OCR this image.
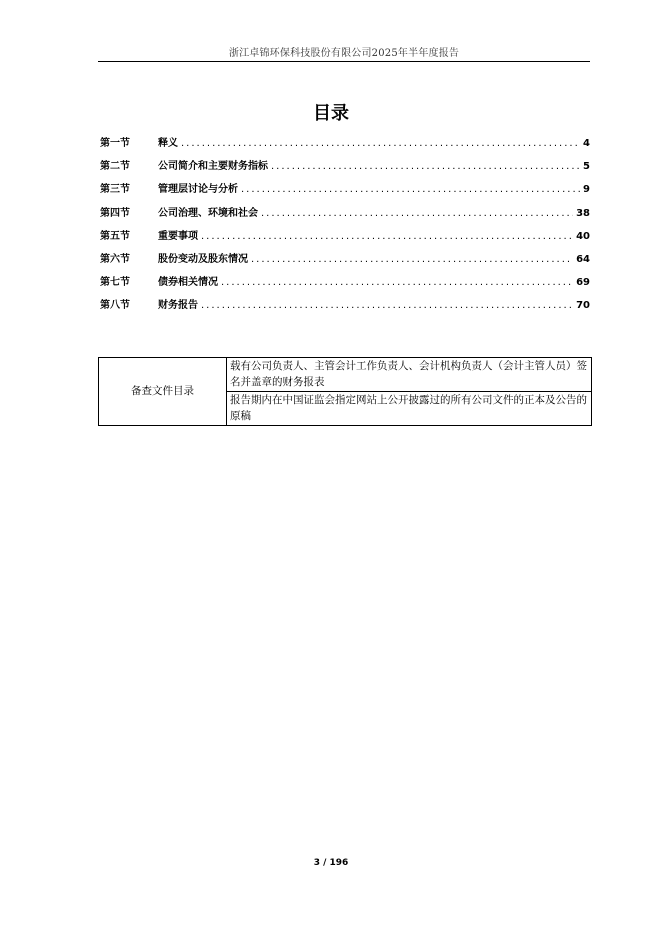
浙江卓锦环保科技股份有限公司2025年半年度报告
目录
第一节	释义 .....	4
第二节	公司简介和主要财务指标 .....	5
第三节	管理层讨论与分析 .....	9
第四节	公司治理、环境和社会 .....	38
第五节	重要事项 .....	40
第六节	股份变动及股东情况 .....	64
第七节	债券相关情况 .....	69
第八节	财务报告 .....	70
备查文件目录	载有公司负责人、主管会计工作负责人、会计机构负责人（会计主管人员）签名并盖章的财务报表
报告期内在中国证监会指定网站上公开披露过的所有公司文件的正本及公告的原稿
3 / 196
